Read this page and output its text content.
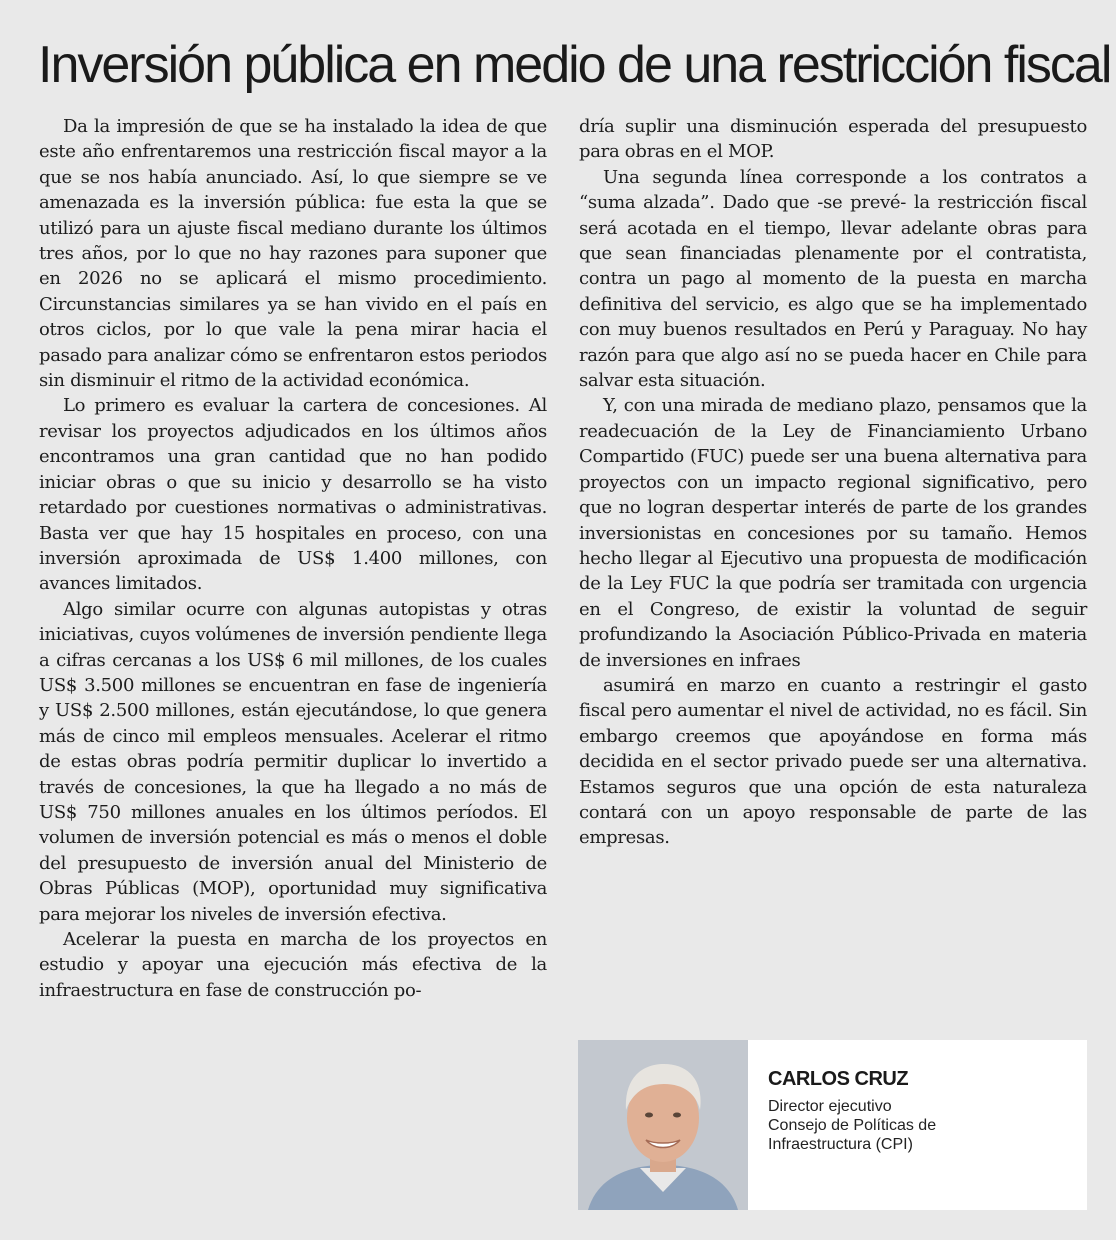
Inversión pública en medio de una restricción fiscal

Da la impresión de que se ha instalado la idea de que este año enfrentaremos una restricción fiscal mayor a la que se nos había anunciado. Así, lo que siempre se ve amenazada es la inversión pública: fue esta la que se utilizó para un ajuste fiscal mediano durante los últimos tres años, por lo que no hay razones para suponer que en 2026 no se aplicará el mismo procedimiento. Circunstancias similares ya se han vivido en el país en otros ciclos, por lo que vale la pena mirar hacia el pasado para analizar cómo se enfrentaron estos periodos sin disminuir el ritmo de la actividad económica.

Lo primero es evaluar la cartera de concesiones. Al revisar los proyectos adjudicados en los últimos años encontramos una gran cantidad que no han podido iniciar obras o que su inicio y desarrollo se ha visto retardado por cuestiones normativas o administrativas. Basta ver que hay 15 hospitales en proceso, con una inversión aproximada de US$ 1.400 millones, con avances limitados.

Algo similar ocurre con algunas autopistas y otras iniciativas, cuyos volúmenes de inversión pendiente llega a cifras cercanas a los US$ 6 mil millones, de los cuales US$ 3.500 millones se encuentran en fase de ingeniería y US$ 2.500 millones, están ejecutándose, lo que genera más de cinco mil empleos mensuales. Acelerar el ritmo de estas obras podría permitir duplicar lo invertido a través de concesiones, la que ha llegado a no más de US$ 750 millones anuales en los últimos períodos. El volumen de inversión potencial es más o menos el doble del presupuesto de inversión anual del Ministerio de Obras Públicas (MOP), oportunidad muy significativa para mejorar los niveles de inversión efectiva.

Acelerar la puesta en marcha de los proyectos en estudio y apoyar una ejecución más efectiva de la infraestructura en fase de construcción po-

dría suplir una disminución esperada del presupuesto para obras en el MOP.

Una segunda línea corresponde a los contratos a “suma alzada”. Dado que -se prevé- la restricción fiscal será acotada en el tiempo, llevar adelante obras para que sean financiadas plenamente por el contratista, contra un pago al momento de la puesta en marcha definitiva del servicio, es algo que se ha implementado con muy buenos resultados en Perú y Paraguay. No hay razón para que algo así no se pueda hacer en Chile para salvar esta situación.

Y, con una mirada de mediano plazo, pensamos que la readecuación de la Ley de Financiamiento Urbano Compartido (FUC) puede ser una buena alternativa para proyectos con un impacto regional significativo, pero que no logran despertar interés de parte de los grandes inversionistas en concesiones por su tamaño. Hemos hecho llegar al Ejecutivo una propuesta de modificación de la Ley FUC la que podría ser tramitada con urgencia en el Congreso, de existir la voluntad de seguir profundizando la Asociación Público-Privada en materia de inversiones en infraes

asumirá en marzo en cuanto a restringir el gasto fiscal pero aumentar el nivel de actividad, no es fácil. Sin embargo creemos que apoyándose en forma más decidida en el sector privado puede ser una alternativa. Estamos seguros que una opción de esta naturaleza contará con un apoyo responsable de parte de las empresas.

CARLOS CRUZ
Director ejecutivo
Consejo de Políticas de
Infraestructura (CPI)
